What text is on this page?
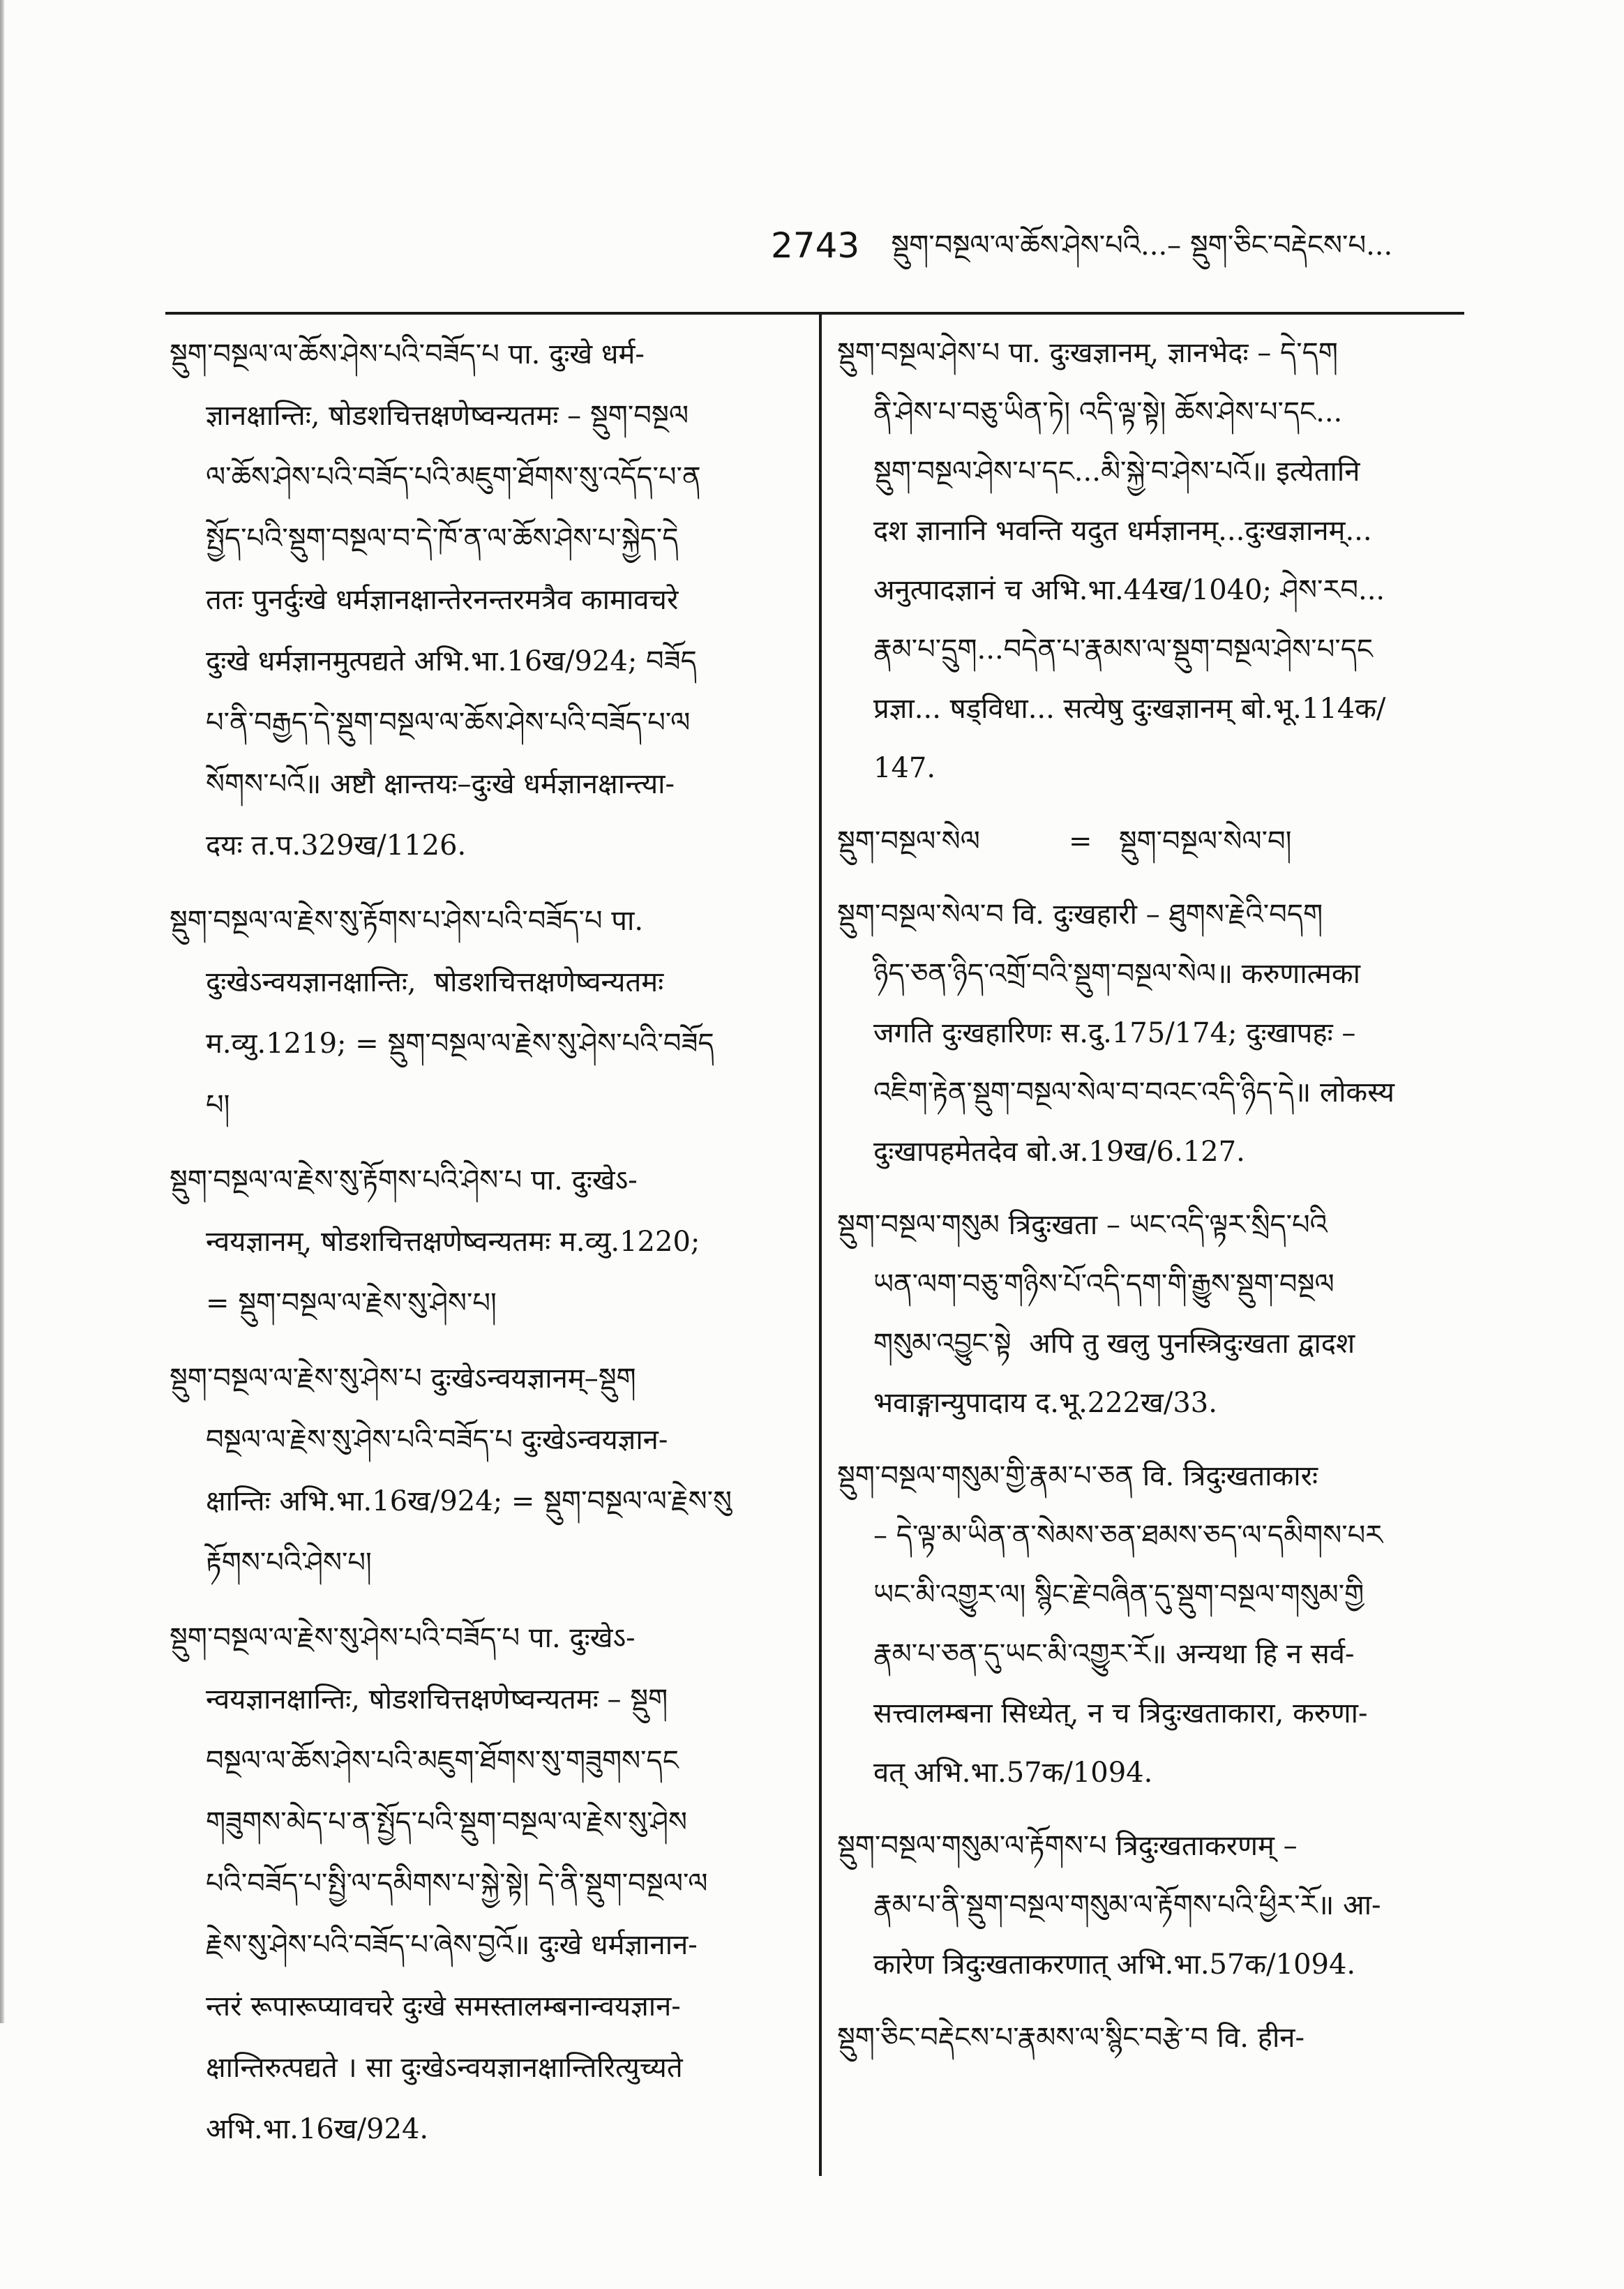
2743 སྡུག་བསྔལ་ལ་ཆོས་ཤེས་པའི...– སྡུག་ཅིང་བརྡེངས་པ...
སྡུག་བསྔལ་ལ་ཆོས་ཤེས་པའི་བཟོད་པ पा. दुःखे धर्म-
ज्ञानक्षान्तिः, षोडशचित्तक्षणेष्वन्यतमः – སྡུག་བསྔལ
ལ་ཆོས་ཤེས་པའི་བཟོད་པའི་མཇུག་ཐོགས་སུ་འདོད་པ་ན
སྤྱོད་པའི་སྡུག་བསྔལ་བ་དེ་ཁོ་ན་ལ་ཆོས་ཤེས་པ་སྐྱེད་དེ
ततः पुनर्दुःखे धर्मज्ञानक्षान्तेरनन्तरमत्रैव कामावचरे
दुःखे धर्मज्ञानमुत्पद्यते अभि.भा.16ख/924; བཟོད
པ་ནི་བརྒྱད་དེ་སྡུག་བསྔལ་ལ་ཆོས་ཤེས་པའི་བཟོད་པ་ལ
སོགས་པའོ॥ अष्टौ क्षान्तयः–दुःखे धर्मज्ञानक्षान्त्या-
दयः त.प.329ख/1126.
སྡུག་བསྔལ་ལ་རྗེས་སུ་རྟོགས་པ་ཤེས་པའི་བཟོད་པ पा.
दुःखेऽन्वयज्ञानक्षान्तिः,  षोडशचित्तक्षणेष्वन्यतमः
म.व्यु.1219; = སྡུག་བསྔལ་ལ་རྗེས་སུ་ཤེས་པའི་བཟོད
པ།
སྡུག་བསྔལ་ལ་རྗེས་སུ་རྟོགས་པའི་ཤེས་པ पा. दुःखेऽ-
न्वयज्ञानम्, षोडशचित्तक्षणेष्वन्यतमः म.व्यु.1220;
= སྡུག་བསྔལ་ལ་རྗེས་སུ་ཤེས་པ།
སྡུག་བསྔལ་ལ་རྗེས་སུ་ཤེས་པ दुःखेऽन्वयज्ञानम्–སྡུག
བསྔལ་ལ་རྗེས་སུ་ཤེས་པའི་བཟོད་པ दुःखेऽन्वयज्ञान-
क्षान्तिः अभि.भा.16ख/924; = སྡུག་བསྔལ་ལ་རྗེས་སུ
རྟོགས་པའི་ཤེས་པ།
སྡུག་བསྔལ་ལ་རྗེས་སུ་ཤེས་པའི་བཟོད་པ पा. दुःखेऽ-
न्वयज्ञानक्षान्तिः, षोडशचित्तक्षणेष्वन्यतमः – སྡུག
བསྔལ་ལ་ཆོས་ཤེས་པའི་མཇུག་ཐོགས་སུ་གཟུགས་དང
གཟུགས་མེད་པ་ན་སྤྱོད་པའི་སྡུག་བསྔལ་ལ་རྗེས་སུ་ཤེས
པའི་བཟོད་པ་སྤྱི་ལ་དམིགས་པ་སྐྱེ་སྟེ། དེ་ནི་སྡུག་བསྔལ་ལ
རྗེས་སུ་ཤེས་པའི་བཟོད་པ་ཞེས་བྱའོ॥ दुःखे धर्मज्ञानान-
न्तरं रूपारूप्यावचरे दुःखे समस्तालम्बनान्वयज्ञान-
क्षान्तिरुत्पद्यते । सा दुःखेऽन्वयज्ञानक्षान्तिरित्युच्यते
अभि.भा.16ख/924.
སྡུག་བསྔལ་ཤེས་པ पा. दुःखज्ञानम्, ज्ञानभेदः – དེ་དག
ནི་ཤེས་པ་བཅུ་ཡིན་ཏེ། འདི་ལྟ་སྟེ། ཆོས་ཤེས་པ་དང...
སྡུག་བསྔལ་ཤེས་པ་དང...མི་སྐྱེ་བ་ཤེས་པའོ॥ इत्येतानि
दश ज्ञानानि भवन्ति यदुत धर्मज्ञानम्...दुःखज्ञानम्...
अनुत्पादज्ञानं च अभि.भा.44ख/1040; ཤེས་རབ...
རྣམ་པ་དྲུག...བདེན་པ་རྣམས་ལ་སྡུག་བསྔལ་ཤེས་པ་དང
प्रज्ञा... षड्विधा... सत्येषु दुःखज्ञानम् बो.भू.114क/
147.
སྡུག་བསྔལ་སེལ          =   སྡུག་བསྔལ་སེལ་བ།
སྡུག་བསྔལ་སེལ་བ वि. दुःखहारी – ཐུགས་རྗེའི་བདག
ཉིད་ཅན་ཉིད་འགྲོ་བའི་སྡུག་བསྔལ་སེལ॥ करुणात्मका
जगति दुःखहारिणः स.दु.175/174; दुःखापहः –
འཇིག་རྟེན་སྡུག་བསྔལ་སེལ་བ་བའང་འདི་ཉིད་དེ॥ लोकस्य
दुःखापहमेतदेव बो.अ.19ख/6.127.
སྡུག་བསྔལ་གསུམ त्रिदुःखता – ཡང་འདི་ལྟར་སྲིད་པའི
ཡན་ལག་བཅུ་གཉིས་པོ་འདི་དག་གི་རྒྱུས་སྡུག་བསྔལ
གསུམ་འབྱུང་སྟེ  अपि तु खलु पुनस्त्रिदुःखता द्वादश
भवाङ्गान्युपादाय द.भू.222ख/33.
སྡུག་བསྔལ་གསུམ་གྱི་རྣམ་པ་ཅན वि. त्रिदुःखताकारः
– དེ་ལྟ་མ་ཡིན་ན་སེམས་ཅན་ཐམས་ཅད་ལ་དམིགས་པར
ཡང་མི་འགྱུར་ལ། སྙིང་རྗེ་བཞིན་དུ་སྡུག་བསྔལ་གསུམ་གྱི
རྣམ་པ་ཅན་དུ་ཡང་མི་འགྱུར་རོ॥ अन्यथा हि न सर्व-
सत्त्वालम्बना सिध्येत्, न च त्रिदुःखताकारा, करुणा-
वत् अभि.भा.57क/1094.
སྡུག་བསྔལ་གསུམ་ལ་རྟོགས་པ त्रिदुःखताकरणम् –
རྣམ་པ་ནི་སྡུག་བསྔལ་གསུམ་ལ་རྟོགས་པའི་ཕྱིར་རོ॥ आ-
कारेण त्रिदुःखताकरणात् अभि.भा.57क/1094.
སྡུག་ཅིང་བརྡེངས་པ་རྣམས་ལ་སྙིང་བརྩེ་བ वि. हीन-
